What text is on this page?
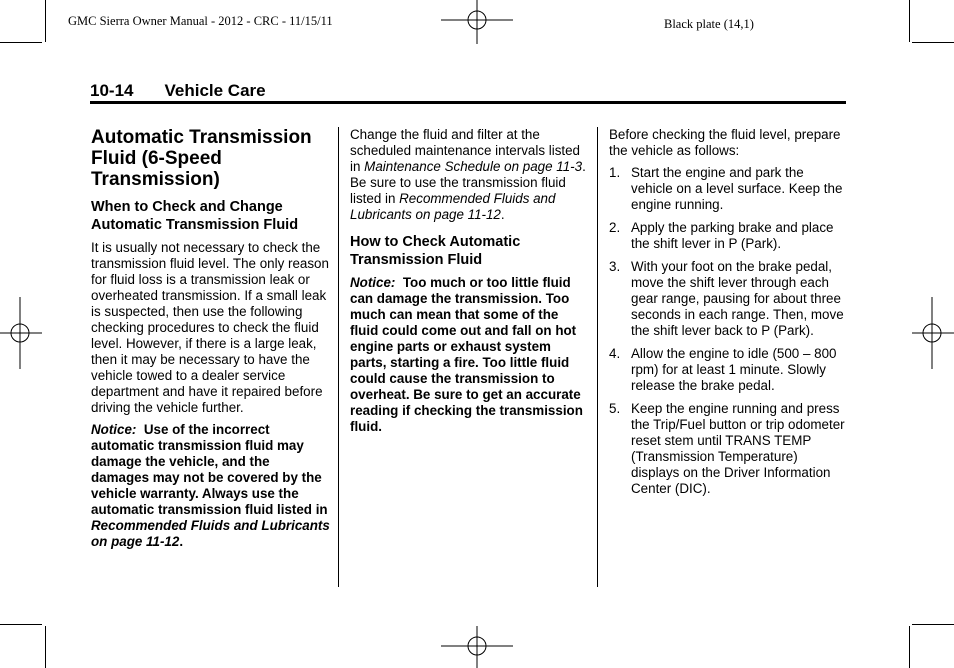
GMC Sierra Owner Manual - 2012 - CRC - 11/15/11	Black plate (14,1)
10-14 Vehicle Care
Automatic Transmission Fluid (6-Speed Transmission)
When to Check and Change Automatic Transmission Fluid

It is usually not necessary to check the transmission fluid level. The only reason for fluid loss is a transmission leak or overheated transmission. If a small leak is suspected, then use the following checking procedures to check the fluid level. However, if there is a large leak, then it may be necessary to have the vehicle towed to a dealer service department and have it repaired before driving the vehicle further.

Notice: Use of the incorrect automatic transmission fluid may damage the vehicle, and the damages may not be covered by the vehicle warranty. Always use the automatic transmission fluid listed in Recommended Fluids and Lubricants on page 11-12.

Change the fluid and filter at the scheduled maintenance intervals listed in Maintenance Schedule on page 11-3. Be sure to use the transmission fluid listed in Recommended Fluids and Lubricants on page 11-12.

How to Check Automatic Transmission Fluid

Notice: Too much or too little fluid can damage the transmission. Too much can mean that some of the fluid could come out and fall on hot engine parts or exhaust system parts, starting a fire. Too little fluid could cause the transmission to overheat. Be sure to get an accurate reading if checking the transmission fluid.

Before checking the fluid level, prepare the vehicle as follows:

1. Start the engine and park the vehicle on a level surface. Keep the engine running.
2. Apply the parking brake and place the shift lever in P (Park).
3. With your foot on the brake pedal, move the shift lever through each gear range, pausing for about three seconds in each range. Then, move the shift lever back to P (Park).
4. Allow the engine to idle (500 – 800 rpm) for at least 1 minute. Slowly release the brake pedal.
5. Keep the engine running and press the Trip/Fuel button or trip odometer reset stem until TRANS TEMP (Transmission Temperature) displays on the Driver Information Center (DIC).
